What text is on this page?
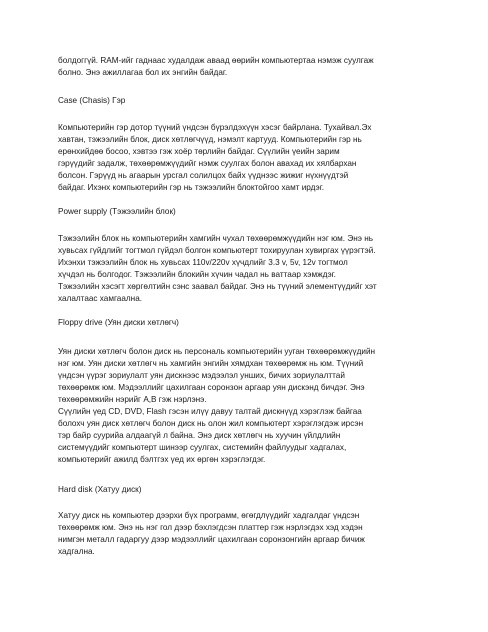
болдоггүй. RAM-ийг гаднаас худалдаж аваад өөрийн компьютертаа нэмэж суулгаж
болно. Энэ ажиллагаа бол их энгийн байдаг.
Case (Chasis) Гэр
Компьютерийн гэр дотор түүний үндсэн бүрэлдэхүүн хэсэг байрлана. Тухайвал.Эх
хавтан, тэжээлийн блок, диск хөтлөгчүүд, нэмэлт картууд. Компьютерийн гэр нь
ерөнхийдөө босоо, хэвтээ гэж хоёр төрлийн байдаг. Сүүлийн үеийн зарим
гэрүүдийг задалж, төхөөрөмжүүдийг нэмж суулгах болон авахад их хялбархан
болсон. Гэрүүд нь агаарын урсгал солилцох байх үүднээс жижиг нүхнүүдтэй
байдаг. Ихэнх компьютерийн гэр нь тэжээлийн блоктойгоо хамт ирдэг.
Power supply (Тэжээлийн блок)
Тэжээлийн блок нь компьютерийн хамгийн чухал төхөөрөмжүүдийн нэг юм. Энэ нь
хувьсах гүйдлийг тогтмол гүйдэл болгон компьютерт тохируулан хувиргах үүрэгтэй.
Ихэнхи тэжээлийн блок нь хувьсах 110v/220v хүчдлийг 3.3 v, 5v, 12v тогтмол
хүчдэл нь болгодог. Тэжээлийн блокийн хүчин чадал нь ваттаар хэмждэг.
Тэжээлийн хэсэгт хөргөлтийн сэнс заавал байдаг. Энэ нь түүний элементүүдийг хэт
халалтаас хамгаална.
Floppy drive (Уян диски хөтлөгч)
Уян диски хөтлөгч болон диск нь персональ компьютерийн ууган төхөөрөмжүүдийн
нэг юм. Уян диски хөтлөгч нь хамгийн энгийн хямдхан төхөөрөмж нь юм. Түүний
үндсэн үүрэг зориулалт уян дискнээс мэдээлэл унших, бичих зориулалттай
төхөөрөмж юм. Мэдээллийг цахилгаан соронзон аргаар уян дискэнд бичдэг. Энэ
төхөөрөмжийн нэрийг А,В гэж нэрлэнэ.
Сүүлийн үед CD, DVD, Flash гэсэн илүү давуу талтай дискнүүд хэрэглэж байгаа
болохч уян диск хөтлөгч болон диск нь олон жил компьютерт хэрэглэгдэж ирсэн
тэр байр суурийа алдаагүй л байна. Энэ диск хөтлөгч нь хуучин үйлдлийн
системүүдийг компьютерт шинээр суулгах, системийн файлуудыг хадгалах,
компьютерийг ажилд бэлтгэх үед их өргөн хэрэглэгдэг.
Hard disk (Хатуу диск)
Хатуу диск нь компьютер дээрхи бүх программ, өгөгдлүүдийг хадгалдаг үндсэн
төхөөрөмж юм. Энэ нь нэг гол дээр бэхлэгдсэн платтер гэж нэрлэгдэх хэд хэдэн
нимгэн металл гадаргуу дээр мэдээллийг цахилгаан соронзонгийн аргаар бичиж
хадгална.
